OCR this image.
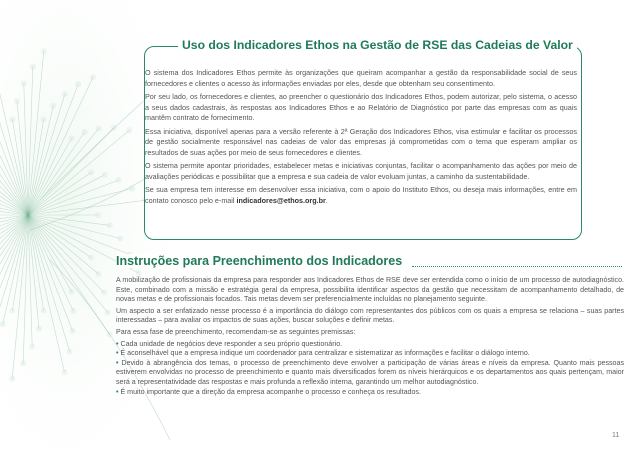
Uso dos Indicadores Ethos na Gestão de RSE das Cadeias de Valor

O sistema dos Indicadores Ethos permite às organizações que queiram acompanhar a gestão da responsabilidade social de seus fornecedores e clientes o acesso às informações enviadas por eles, desde que obtenham seu consentimento.

Por seu lado, os fornecedores e clientes, ao preencher o questionário dos Indicadores Ethos, podem autorizar, pelo sistema, o acesso a seus dados cadastrais, às respostas aos Indicadores Ethos e ao Relatório de Diagnóstico por parte das empresas com as quais mantêm contrato de fornecimento.

Essa iniciativa, disponível apenas para a versão referente à 2ª Geração dos Indicadores Ethos, visa estimular e facilitar os processos de gestão socialmente responsável nas cadeias de valor das empresas já comprometidas com o tema que esperam ampliar os resultados de suas ações por meio de seus fornecedores e clientes.

O sistema permite apontar prioridades, estabelecer metas e iniciativas conjuntas, facilitar o acompanhamento das ações por meio de avaliações periódicas e possibilitar que a empresa e sua cadeia de valor evoluam juntas, a caminho da sustentabilidade.

Se sua empresa tem interesse em desenvolver essa iniciativa, com o apoio do Instituto Ethos, ou deseja mais informações, entre em contato conosco pelo e-mail indicadores@ethos.org.br.

Instruções para Preenchimento dos Indicadores

A mobilização de profissionais da empresa para responder aos Indicadores Ethos de RSE deve ser entendida como o início de um processo de autodiagnóstico. Este, combinado com a missão e estratégia geral da empresa, possibilita identificar aspectos da gestão que necessitam de acompanhamento detalhado, de novas metas e de profissionais focados. Tais metas devem ser preferencialmente incluídas no planejamento seguinte.

Um aspecto a ser enfatizado nesse processo é a importância do diálogo com representantes dos públicos com os quais a empresa se relaciona – suas partes interessadas – para avaliar os impactos de suas ações, buscar soluções e definir metas.

Para essa fase de preenchimento, recomendam-se as seguintes premissas:

• Cada unidade de negócios deve responder a seu próprio questionário.

• É aconselhável que a empresa indique um coordenador para centralizar e sistematizar as informações e facilitar o diálogo interno.

• Devido à abrangência dos temas, o processo de preenchimento deve envolver a participação de várias áreas e níveis da empresa. Quanto mais pessoas estiverem envolvidas no processo de preenchimento e quanto mais diversificados forem os níveis hierárquicos e os departamentos aos quais pertençam, maior será a representatividade das respostas e mais profunda a reflexão interna, garantindo um melhor autodiagnóstico.

• É muito importante que a direção da empresa acompanhe o processo e conheça os resultados.

11
